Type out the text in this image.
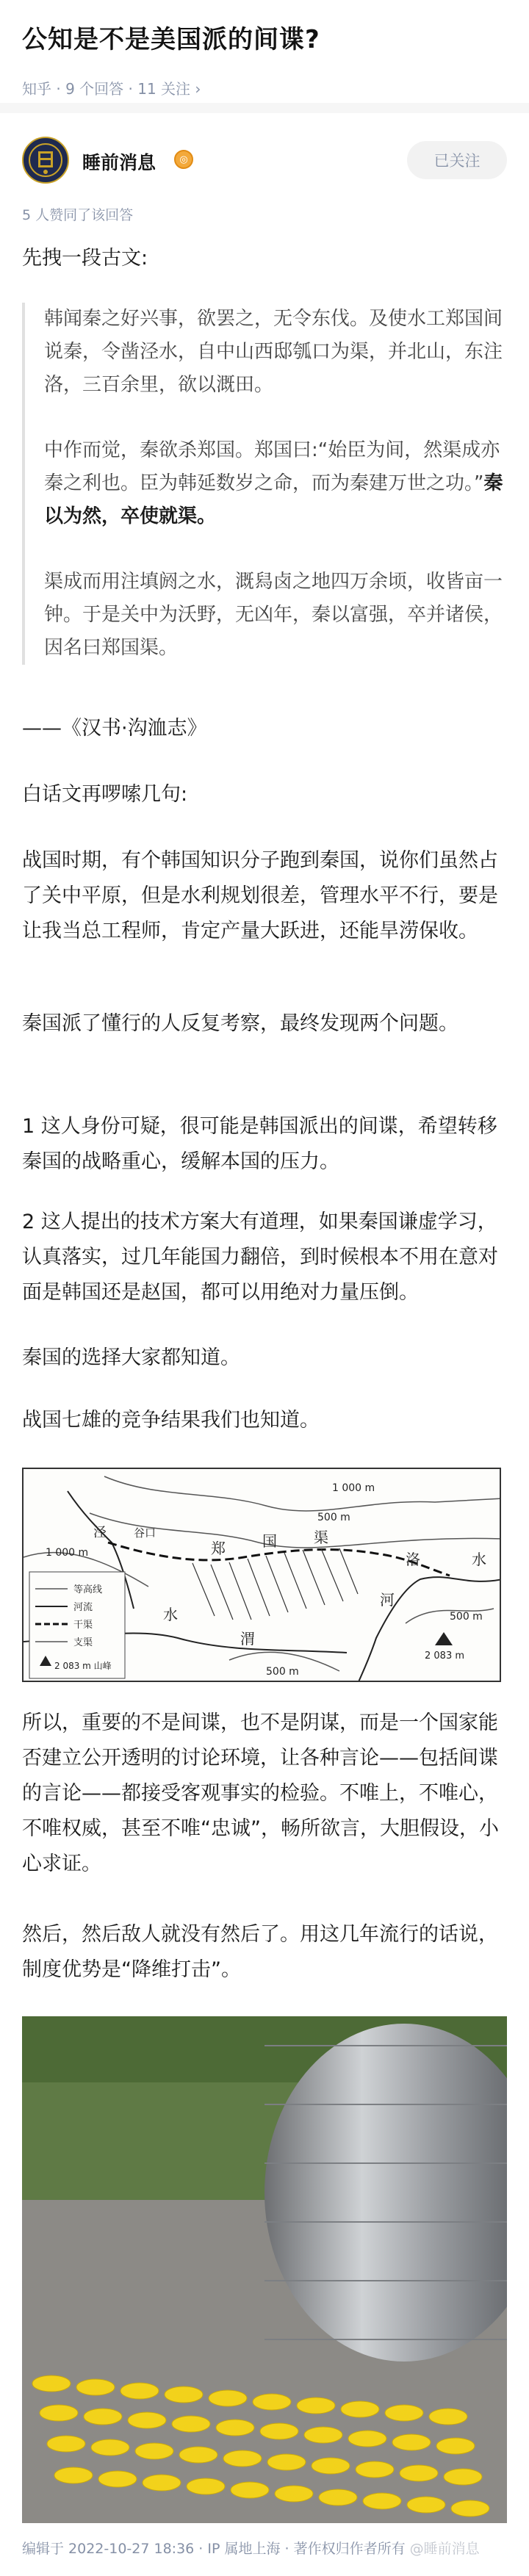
公知是不是美国派的间谍?
知乎 · 9 个回答 · 11 关注 ›
睡前消息	◎	已关注
5 人赞同了该回答
先拽一段古文:

韩闻秦之好兴事，欲罢之，无令东伐。及使水工郑国间说秦，令凿泾水，自中山西邸瓠口为渠，并北山，东注洛，三百余里，欲以溉田。

中作而觉，秦欲杀郑国。郑国曰:“始臣为间，然渠成亦秦之利也。臣为韩延数岁之命，而为秦建万世之功。”秦以为然，卒使就渠。

渠成而用注填阏之水，溉舄卤之地四万余顷，收皆亩一钟。于是关中为沃野，无凶年，秦以富强，卒并诸侯，因名曰郑国渠。

——《汉书·沟洫志》
白话文再啰嗦几句:
战国时期，有个韩国知识分子跑到秦国，说你们虽然占了关中平原，但是水利规划很差，管理水平不行，要是让我当总工程师，肯定产量大跃进，还能旱涝保收。
秦国派了懂行的人反复考察，最终发现两个问题。
1 这人身份可疑，很可能是韩国派出的间谍，希望转移秦国的战略重心，缓解本国的压力。
2 这人提出的技术方案大有道理，如果秦国谦虚学习，认真落实，过几年能国力翻倍，到时候根本不用在意对面是韩国还是赵国，都可以用绝对力量压倒。
秦国的选择大家都知道。
战国七雄的竞争结果我们也知道。
等高线
河流
干渠
支渠
2 083 m 山峰
1 000 m
500 m
1 000 m
500 m
500 m
2 083 m
泾 谷口
郑	国	渠
洛	水
水
渭
河
所以，重要的不是间谍，也不是阴谋，而是一个国家能否建立公开透明的讨论环境，让各种言论——包括间谍的言论——都接受客观事实的检验。不唯上，不唯心，不唯权威，甚至不唯“忠诚”，畅所欲言，大胆假设，小心求证。
然后，然后敌人就没有然后了。用这几年流行的话说，制度优势是“降维打击”。
编辑于 2022-10-27 18:36 · IP 属地上海 · 著作权归作者所有 @睡前消息
